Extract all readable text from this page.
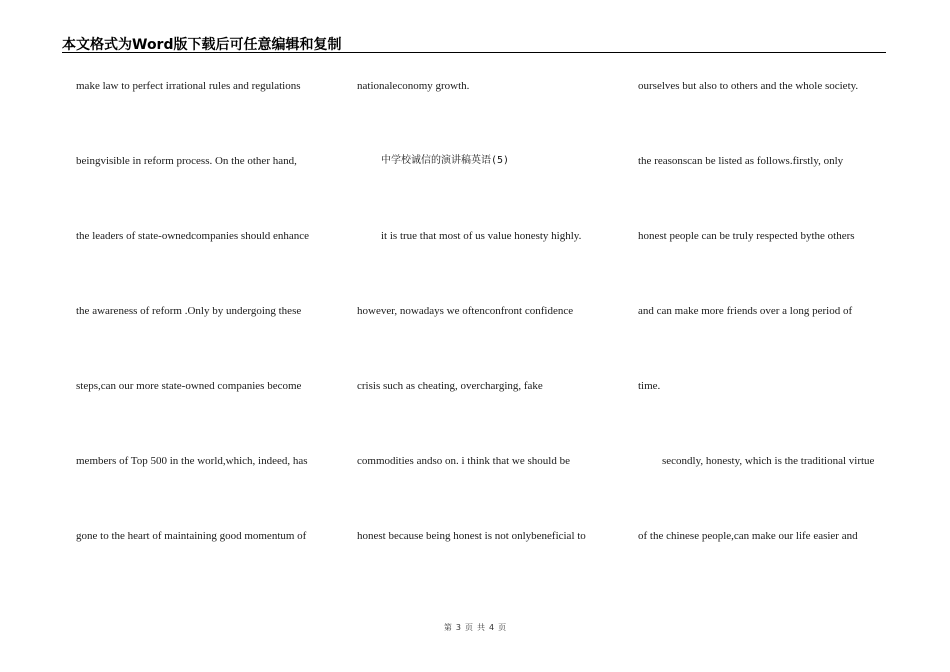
本文格式为Word版下载后可任意编辑和复制
make law to perfect irrational rules and regulations
beingvisible in reform process. On the other hand,
the leaders of state-ownedcompanies should enhance
the awareness of reform .Only by undergoing these
steps,can our more state-owned companies become
members of Top 500 in the world,which, indeed, has
gone to the heart of maintaining good momentum of
nationaleconomy growth.
中学校诚信的演讲稿英语(5)
it is true that most of us value honesty highly.
however, nowadays we oftenconfront confidence
crisis such as cheating, overcharging, fake
commodities andso on. i think that we should be
honest because being honest is not onlybeneficial to
ourselves but also to others and the whole society.
the reasonscan be listed as follows.firstly, only
honest people can be truly respected bythe others
and can make more friends over a long period of
time.
secondly, honesty, which is the traditional virtue
of the chinese people,can make our life easier and
第 3 页 共 4 页
